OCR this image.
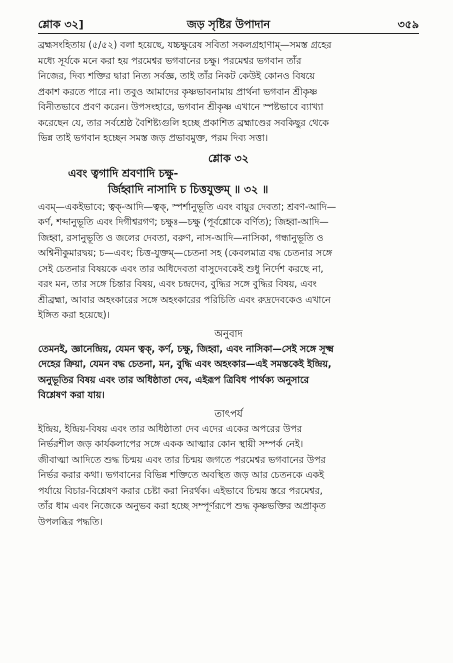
শ্লোক ৩২]	জড় সৃষ্টির উপাদান	৩৫৯
ব্রহ্মসংহিতায় (৫/৫২) বলা হয়েছে, যচ্চক্ষুরেষ সবিতা সকলগ্রহাণাম্—সমস্ত গ্রহের
মধ্যে সূর্যকে মনে করা হয় পরমেশ্বর ভগবানের চক্ষু। পরমেশ্বর ভগবান তাঁর
নিজের, দিব্য শক্তির দ্বারা নিত্য সর্বজ্ঞ, তাই তাঁর নিকট কেউই কোনও বিষয়ে
প্রকাশ করতে পারে না। তবুও আমাদের কৃষ্ণভাবনামায় প্রার্থনা ভগবান শ্রীকৃষ্ণ
বিনীতভাবে প্রবণ করেন। উপসংহারে, ভগবান শ্রীকৃষ্ণ এখানে স্পষ্টভাবে ব্যাখ্যা
করেছেন যে, তার সর্বশ্রেষ্ঠ বৈশিষ্ট্যগুলি হচ্ছে প্রকাশিত ব্রহ্মাণ্ডের সবকিছুর থেকে
ভিন্ন তাই ভগবান হচ্ছেন সমস্ত জড় প্রভাবমুক্ত, পরম দিব্য সত্তা।
শ্লোক ৩২
এবং ত্বগাদি শ্রবণাদি চক্ষু-
র্জিহ্বাদি নাসাদি চ চিত্তযুক্তম্ ॥ ৩২ ॥
এবম্—একইভাবে; ত্বক্-আদি—ত্বক্, স্পর্শানুভূতি এবং বায়ুর দেবতা; শ্রবণ-আদি—
কর্ণ, শব্দানুভূতি এবং দিগীশ্বরগণ; চক্ষুঃ—চক্ষু (পূর্বশ্লোকে বর্ণিত); জিহ্বা-আদি—
জিহ্বা, রসানুভূতি ও জলের দেবতা, বরুণ, নাস-আদি—নাসিকা, গন্ধানুভূতি ও
অশ্বিনীকুমারদ্বয়; চ—এবং; চিত্ত-যুক্তম্—চেতনা সহ (কেবলমাত্র বদ্ধ চেতনার সঙ্গে
সেই চেতনার বিষয়কে এবং তার অধিদেবতা বাসুদেবকেই শুধু নির্দেশ করছে না,
বরং মন, তার সঙ্গে চিন্তার বিষয়, এবং চন্দ্রদেব, বুদ্ধির সঙ্গে বুদ্ধির বিষয়, এবং
শ্রীব্রহ্মা, আবার অহংকারের সঙ্গে অহংকারের পরিচিতি এবং রুদ্রদেবকেও এখানে
ইঙ্গিত করা হয়েছে)।
অনুবাদ
তেমনই, জ্ঞানেন্দ্রিয়, যেমন ত্বক্, কর্ণ, চক্ষু, জিহ্বা, এবং নাসিকা—সেই সঙ্গে সূক্ষ্ম
দেহের ক্রিয়া, যেমন বদ্ধ চেতনা, মন, বুদ্ধি এবং অহংকার—এই সমস্তকেই ইন্দ্রিয়,
অনুভূতির বিষয় এবং তার অধিষ্ঠাতা দেব, এইরূপ ত্রিবিধ পার্থক্য অনুসারে
বিশ্লেষণ করা যায়।
তাৎপর্য
ইন্দ্রিয়, ইন্দ্রিয়-বিষয় এবং তার অধিষ্ঠাতা দেব এদের একের অপরের উপর
নির্ভরশীল জড় কার্যকলাপের সঙ্গে একক আত্মার কোন স্থায়ী সম্পর্ক নেই।
জীবাত্মা আদিতে শুদ্ধ চিন্ময় এবং তার চিন্ময় জগতে পরমেশ্বর ভগবানের উপর
নির্ভর করার কথা। ভগবানের বিভিন্ন শক্তিতে অবস্থিত জড় আর চেতনকে একই
পর্যায়ে বিচার-বিশ্লেষণ করার চেষ্টা করা নিরর্থক। এইভাবে চিন্ময় স্তরে পরমেশ্বর,
তাঁর ধাম এবং নিজেকে অনুভব করা হচ্ছে সম্পূর্ণরূপে শুদ্ধ কৃষ্ণভক্তির অপ্রাকৃত
উপলব্ধির পদ্ধতি।
